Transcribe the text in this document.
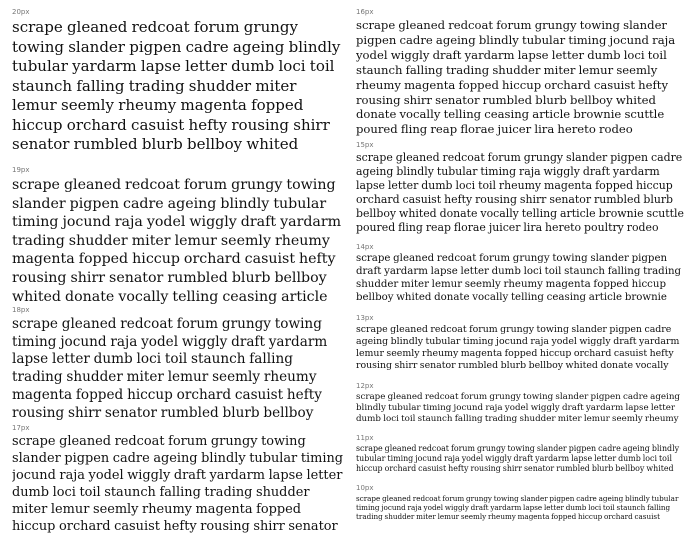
20px

scrape gleaned redcoat forum grungy towing slander pigpen cadre ageing blindly tubular yardarm lapse letter dumb loci toil staunch falling trading shudder miter lemur seemly rheumy magenta fopped hiccup orchard casuist hefty rousing shirr senator rumbled blurb bellboy whited

19px

scrape gleaned redcoat forum grungy towing slander pigpen cadre ageing blindly tubular timing jocund raja yodel wiggly draft yardarm trading shudder miter lemur seemly rheumy magenta fopped hiccup orchard casuist hefty rousing shirr senator rumbled blurb bellboy whited donate vocally telling ceasing article

18px

scrape gleaned redcoat forum grungy towing timing jocund raja yodel wiggly draft yardarm lapse letter dumb loci toil staunch falling trading shudder miter lemur seemly rheumy magenta fopped hiccup orchard casuist hefty rousing shirr senator rumbled blurb bellboy

17px

scrape gleaned redcoat forum grungy towing slander pigpen cadre ageing blindly tubular timing jocund raja yodel wiggly draft yardarm lapse letter dumb loci toil staunch falling trading shudder miter lemur seemly rheumy magenta fopped hiccup orchard casuist hefty rousing shirr senator

16px

scrape gleaned redcoat forum grungy towing slander pigpen cadre ageing blindly tubular timing jocund raja yodel wiggly draft yardarm lapse letter dumb loci toil staunch falling trading shudder miter lemur seemly rheumy magenta fopped hiccup orchard casuist hefty rousing shirr senator rumbled blurb bellboy whited donate vocally telling ceasing article brownie scuttle poured fling reap florae juicer lira hereto rodeo

15px

scrape gleaned redcoat forum grungy slander pigpen cadre ageing blindly tubular timing raja wiggly draft yardarm lapse letter dumb loci toil rheumy magenta fopped hiccup orchard casuist hefty rousing shirr senator rumbled blurb bellboy whited donate vocally telling article brownie scuttle poured fling reap florae juicer lira hereto poultry rodeo

14px

scrape gleaned redcoat forum grungy towing slander pigpen draft yardarm lapse letter dumb loci toil staunch falling trading shudder miter lemur seemly rheumy magenta fopped hiccup bellboy whited donate vocally telling ceasing article brownie

13px

scrape gleaned redcoat forum grungy towing slander pigpen cadre ageing blindly tubular timing jocund raja yodel wiggly draft yardarm lemur seemly rheumy magenta fopped hiccup orchard casuist hefty rousing shirr senator rumbled blurb bellboy whited donate vocally

12px

scrape gleaned redcoat forum grungy towing slander pigpen cadre ageing blindly tubular timing jocund raja yodel wiggly draft yardarm lapse letter dumb loci toil staunch falling trading shudder miter lemur seemly rheumy

11px

scrape gleaned redcoat forum grungy towing slander pigpen cadre ageing blindly tubular timing jocund raja yodel wiggly draft yardarm lapse letter dumb loci toil hiccup orchard casuist hefty rousing shirr senator rumbled blurb bellboy whited

10px

scrape gleaned redcoat forum grungy towing slander pigpen cadre ageing blindly tubular timing jocund raja yodel wiggly draft yardarm lapse letter dumb loci toil staunch falling trading shudder miter lemur seemly rheumy magenta fopped hiccup orchard casuist
